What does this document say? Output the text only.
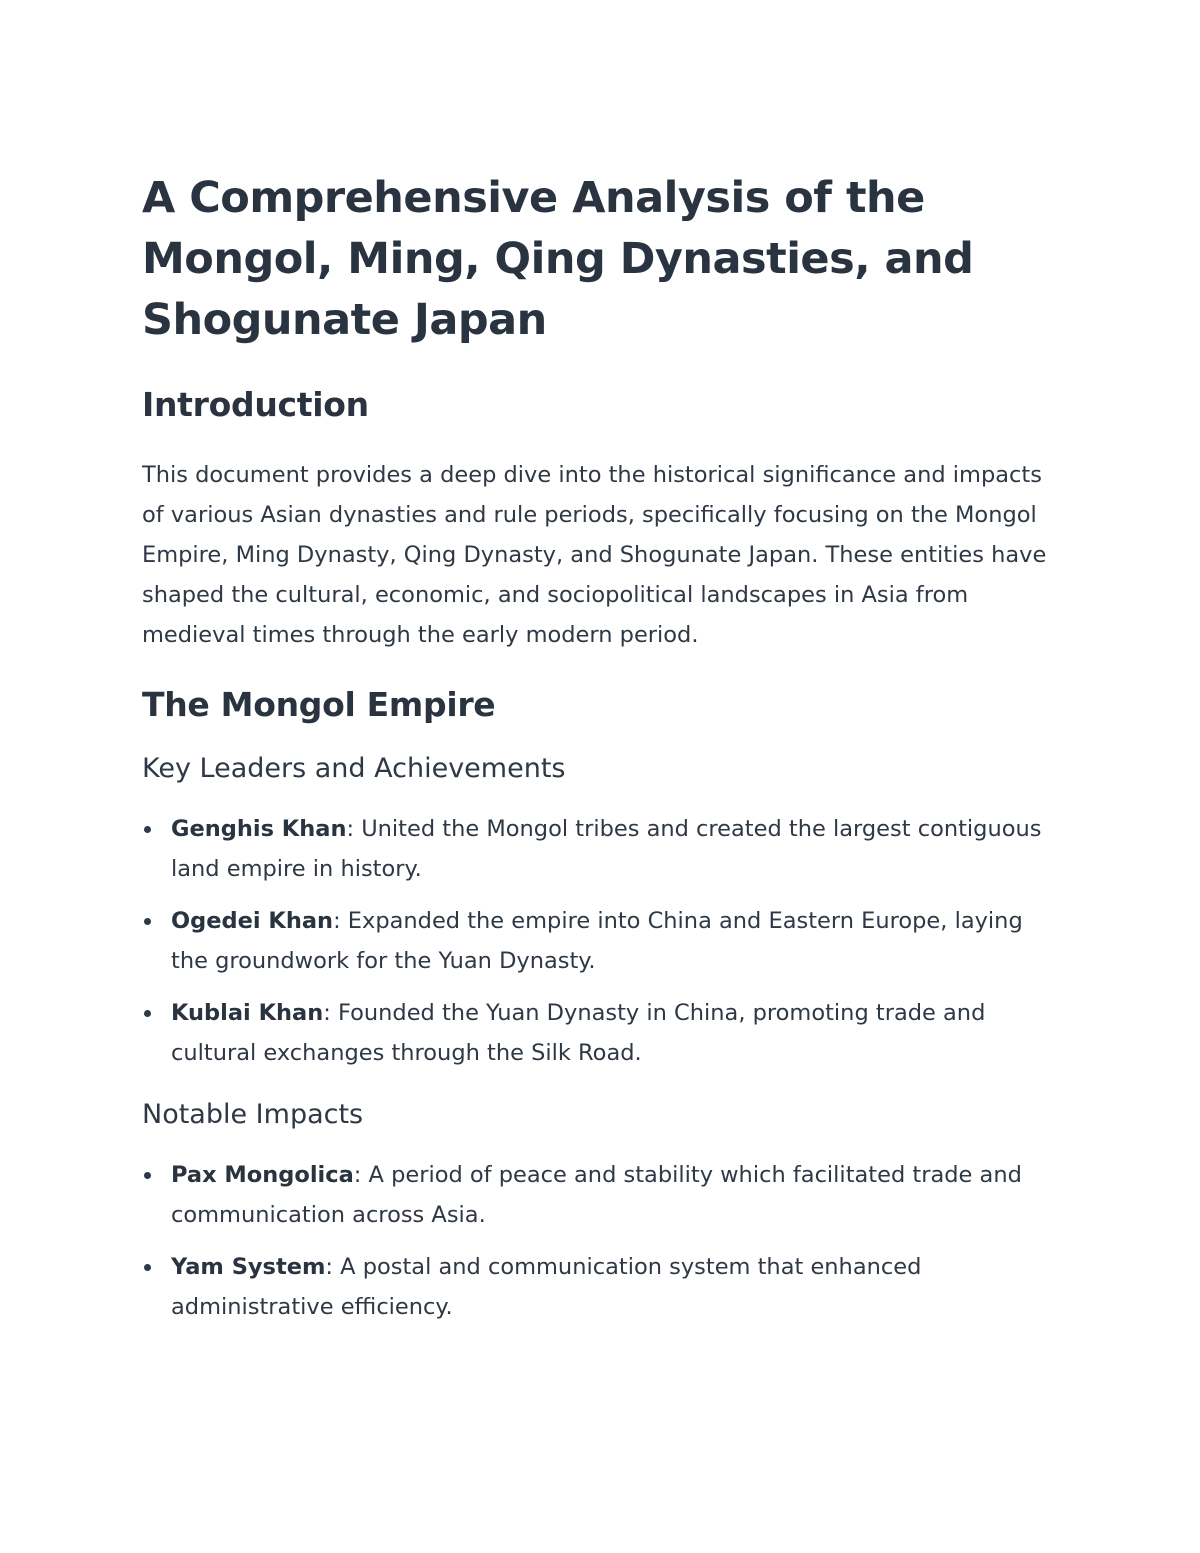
A Comprehensive Analysis of the Mongol, Ming, Qing Dynasties, and Shogunate Japan
Introduction

This document provides a deep dive into the historical significance and impacts of various Asian dynasties and rule periods, specifically focusing on the Mongol Empire, Ming Dynasty, Qing Dynasty, and Shogunate Japan. These entities have shaped the cultural, economic, and sociopolitical landscapes in Asia from medieval times through the early modern period.

The Mongol Empire
Key Leaders and Achievements
Genghis Khan: United the Mongol tribes and created the largest contiguous land empire in history.
Ogedei Khan: Expanded the empire into China and Eastern Europe, laying the groundwork for the Yuan Dynasty.
Kublai Khan: Founded the Yuan Dynasty in China, promoting trade and cultural exchanges through the Silk Road.
Notable Impacts
Pax Mongolica: A period of peace and stability which facilitated trade and communication across Asia.
Yam System: A postal and communication system that enhanced administrative efficiency.
